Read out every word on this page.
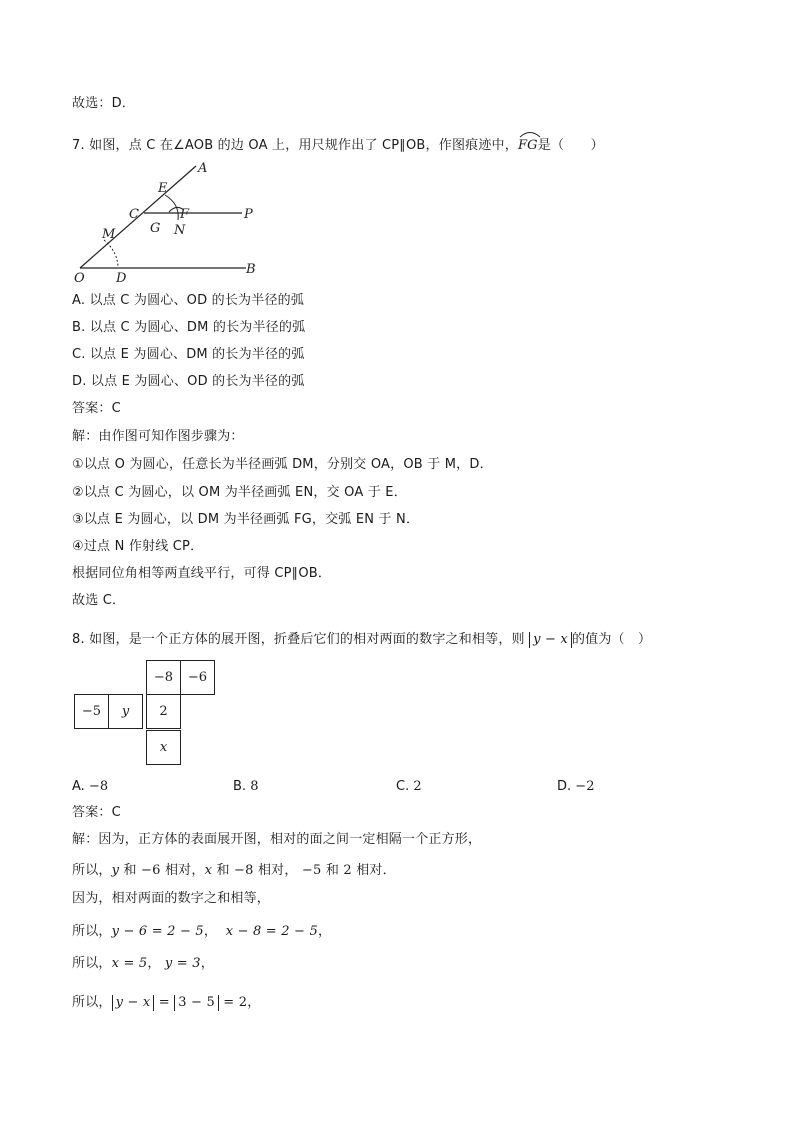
故选：D．
7. 如图，点 C 在∠AOB 的边 OA 上，用尺规作出了 CP∥OB，作图痕迹中，
FG是（　　）
A
E
C	F	P
G N
M
O D
B
A. 以点 C 为圆心、OD 的长为半径的弧
B. 以点 C 为圆心、DM 的长为半径的弧
C. 以点 E 为圆心、DM 的长为半径的弧
D. 以点 E 为圆心、OD 的长为半径的弧
答案：C
解：由作图可知作图步骤为：
①以点 O 为圆心，任意长为半径画弧 DM，分别交 OA，OB 于 M，D．
②以点 C 为圆心，以 OM 为半径画弧 EN，交 OA 于 E．
③以点 E 为圆心，以 DM 为半径画弧 FG，交弧 EN 于 N．
④过点 N 作射线 CP．
根据同位角相等两直线平行，可得 CP∥OB．
故选 C．
8. 如图，是一个正方体的展开图，折叠后它们的相对两面的数字之和相等，则 y − x 的值为（　）
−8	−6
−5	y	2
x
A. −8	B. 8	C. 2	D. −2
答案：C
解：因为，正方体的表面展开图，相对的面之间一定相隔一个正方形，
所以，y 和 −6 相对，x 和 −8 相对， −5 和 2 相对．
因为，相对两面的数字之和相等，
所以，y − 6 = 2 − 5， x − 8 = 2 − 5，
所以，x = 5， y = 3，
所以， y − x = 3 − 5 = 2，
